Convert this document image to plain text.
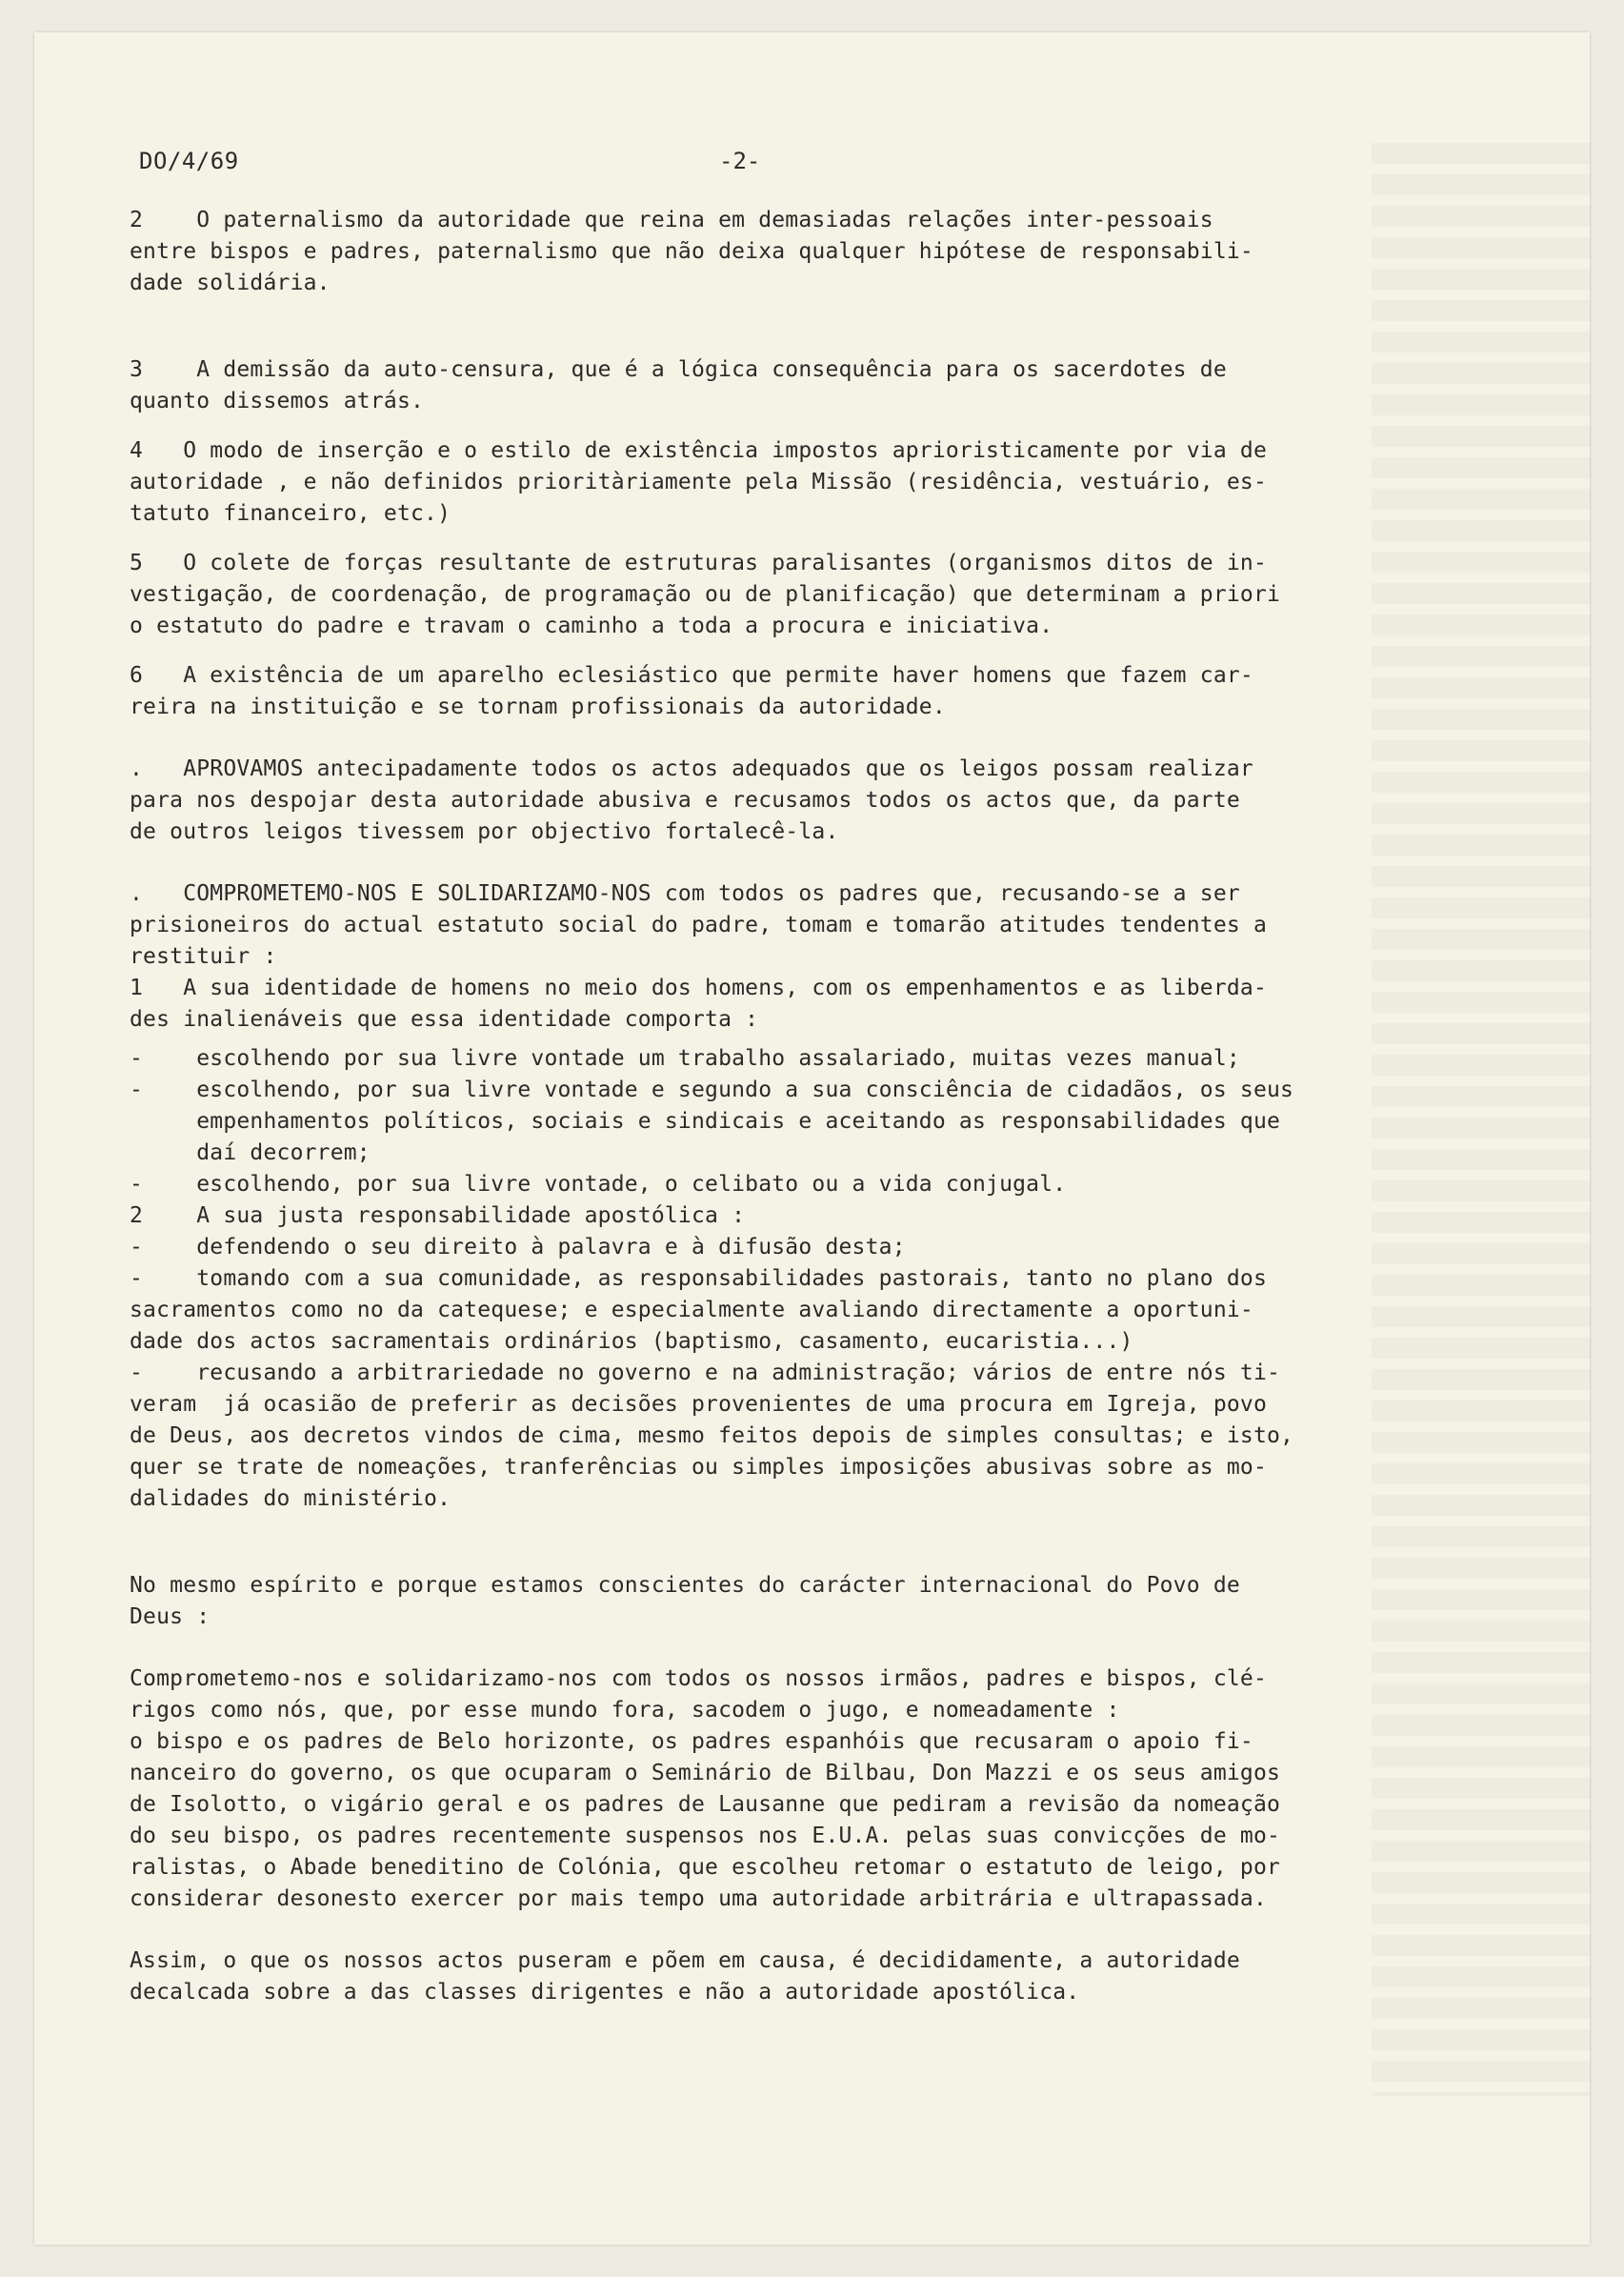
DO/4/69	-2-

2    O paternalismo da autoridade que reina em demasiadas relações inter-pessoais
entre bispos e padres, paternalismo que não deixa qualquer hipótese de responsabili-
dade solidária.

3    A demissão da auto-censura, que é a lógica consequência para os sacerdotes de
quanto dissemos atrás.

4   O modo de inserção e o estilo de existência impostos aprioristicamente por via de
autoridade , e não definidos prioritàriamente pela Missão (residência, vestuário, es-
tatuto financeiro, etc.)

5   O colete de forças resultante de estruturas paralisantes (organismos ditos de in-
vestigação, de coordenação, de programação ou de planificação) que determinam a priori
o estatuto do padre e travam o caminho a toda a procura e iniciativa.

6   A existência de um aparelho eclesiástico que permite haver homens que fazem car-
reira na instituição e se tornam profissionais da autoridade.

.   APROVAMOS antecipadamente todos os actos adequados que os leigos possam realizar
para nos despojar desta autoridade abusiva e recusamos todos os actos que, da parte
de outros leigos tivessem por objectivo fortalecê-la.

.   COMPROMETEMO-NOS E SOLIDARIZAMO-NOS com todos os padres que, recusando-se a ser
prisioneiros do actual estatuto social do padre, tomam e tomarão atitudes tendentes a
restituir :
1   A sua identidade de homens no meio dos homens, com os empenhamentos e as liberda-
des inalienáveis que essa identidade comporta :

-    escolhendo por sua livre vontade um trabalho assalariado, muitas vezes manual;
-    escolhendo, por sua livre vontade e segundo a sua consciência de cidadãos, os seus
empenhamentos políticos, sociais e sindicais e aceitando as responsabilidades que
daí decorrem;
-    escolhendo, por sua livre vontade, o celibato ou a vida conjugal.
2    A sua justa responsabilidade apostólica :
-    defendendo o seu direito à palavra e à difusão desta;
-    tomando com a sua comunidade, as responsabilidades pastorais, tanto no plano dos
sacramentos como no da catequese; e especialmente avaliando directamente a oportuni-
dade dos actos sacramentais ordinários (baptismo, casamento, eucaristia...)
-    recusando a arbitrariedade no governo e na administração; vários de entre nós ti-
veram  já ocasião de preferir as decisões provenientes de uma procura em Igreja, povo
de Deus, aos decretos vindos de cima, mesmo feitos depois de simples consultas; e isto,
quer se trate de nomeações, tranferências ou simples imposições abusivas sobre as mo-
dalidades do ministério.

No mesmo espírito e porque estamos conscientes do carácter internacional do Povo de
Deus :

Comprometemo-nos e solidarizamo-nos com todos os nossos irmãos, padres e bispos, clé-
rigos como nós, que, por esse mundo fora, sacodem o jugo, e nomeadamente :
o bispo e os padres de Belo horizonte, os padres espanhóis que recusaram o apoio fi-
nanceiro do governo, os que ocuparam o Seminário de Bilbau, Don Mazzi e os seus amigos
de Isolotto, o vigário geral e os padres de Lausanne que pediram a revisão da nomeação
do seu bispo, os padres recentemente suspensos nos E.U.A. pelas suas convicções de mo-
ralistas, o Abade beneditino de Colónia, que escolheu retomar o estatuto de leigo, por
considerar desonesto exercer por mais tempo uma autoridade arbitrária e ultrapassada.

Assim, o que os nossos actos puseram e põem em causa, é decididamente, a autoridade
decalcada sobre a das classes dirigentes e não a autoridade apostólica.
